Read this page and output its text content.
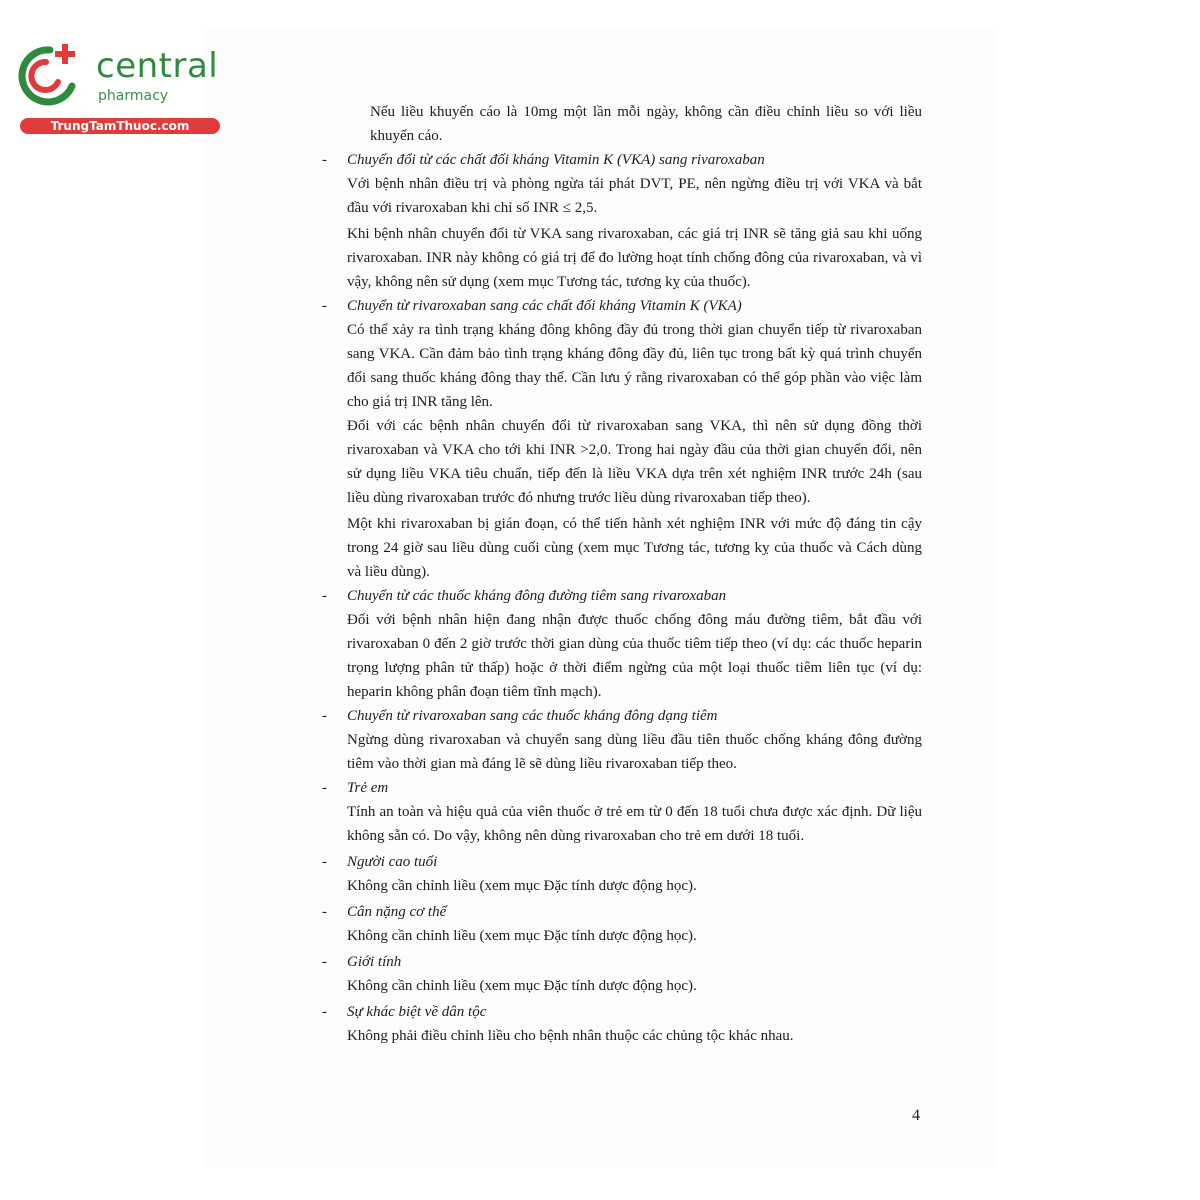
central
pharmacy
TrungTamThuoc.com

Nếu liều khuyến cáo là 10mg một lần mỗi ngày, không cần điều chỉnh liều so với liều khuyến cáo.

- Chuyển đổi từ các chất đối kháng Vitamin K (VKA) sang rivaroxaban

Với bệnh nhân điều trị và phòng ngừa tái phát DVT, PE, nên ngừng điều trị với VKA và bắt đầu với rivaroxaban khi chỉ số INR ≤ 2,5.

Khi bệnh nhân chuyển đổi từ VKA sang rivaroxaban, các giá trị INR sẽ tăng giả sau khi uống rivaroxaban. INR này không có giá trị để đo lường hoạt tính chống đông của rivaroxaban, và vì vậy, không nên sử dụng (xem mục Tương tác, tương kỵ của thuốc).

- Chuyển từ rivaroxaban sang các chất đối kháng Vitamin K (VKA)

Có thể xảy ra tình trạng kháng đông không đầy đủ trong thời gian chuyển tiếp từ rivaroxaban sang VKA. Cần đảm bảo tình trạng kháng đông đầy đủ, liên tục trong bất kỳ quá trình chuyển đổi sang thuốc kháng đông thay thế. Cần lưu ý rằng rivaroxaban có thể góp phần vào việc làm cho giá trị INR tăng lên.

Đối với các bệnh nhân chuyển đổi từ rivaroxaban sang VKA, thì nên sử dụng đồng thời rivaroxaban và VKA cho tới khi INR >2,0. Trong hai ngày đầu của thời gian chuyển đổi, nên sử dụng liều VKA tiêu chuẩn, tiếp đến là liều VKA dựa trên xét nghiệm INR trước 24h (sau liều dùng rivaroxaban trước đó nhưng trước liều dùng rivaroxaban tiếp theo).

Một khi rivaroxaban bị gián đoạn, có thể tiến hành xét nghiệm INR với mức độ đáng tin cậy trong 24 giờ sau liều dùng cuối cùng (xem mục Tương tác, tương kỵ của thuốc và Cách dùng và liều dùng).

- Chuyển từ các thuốc kháng đông đường tiêm sang rivaroxaban

Đối với bệnh nhân hiện đang nhận được thuốc chống đông máu đường tiêm, bắt đầu với rivaroxaban 0 đến 2 giờ trước thời gian dùng của thuốc tiêm tiếp theo (ví dụ: các thuốc heparin trọng lượng phân tử thấp) hoặc ở thời điểm ngừng của một loại thuốc tiêm liên tục (ví dụ: heparin không phân đoạn tiêm tĩnh mạch).

- Chuyển từ rivaroxaban sang các thuốc kháng đông dạng tiêm

Ngừng dùng rivaroxaban và chuyển sang dùng liều đầu tiên thuốc chống kháng đông đường tiêm vào thời gian mà đáng lẽ sẽ dùng liều rivaroxaban tiếp theo.

- Trẻ em

Tính an toàn và hiệu quả của viên thuốc ở trẻ em từ 0 đến 18 tuổi chưa được xác định. Dữ liệu không sẵn có. Do vậy, không nên dùng rivaroxaban cho trẻ em dưới 18 tuổi.

- Người cao tuổi

Không cần chỉnh liều (xem mục Đặc tính dược động học).

- Cân nặng cơ thể

Không cần chỉnh liều (xem mục Đặc tính dược động học).

- Giới tính

Không cần chỉnh liều (xem mục Đặc tính dược động học).

- Sự khác biệt về dân tộc

Không phải điều chỉnh liều cho bệnh nhân thuộc các chủng tộc khác nhau.

4
